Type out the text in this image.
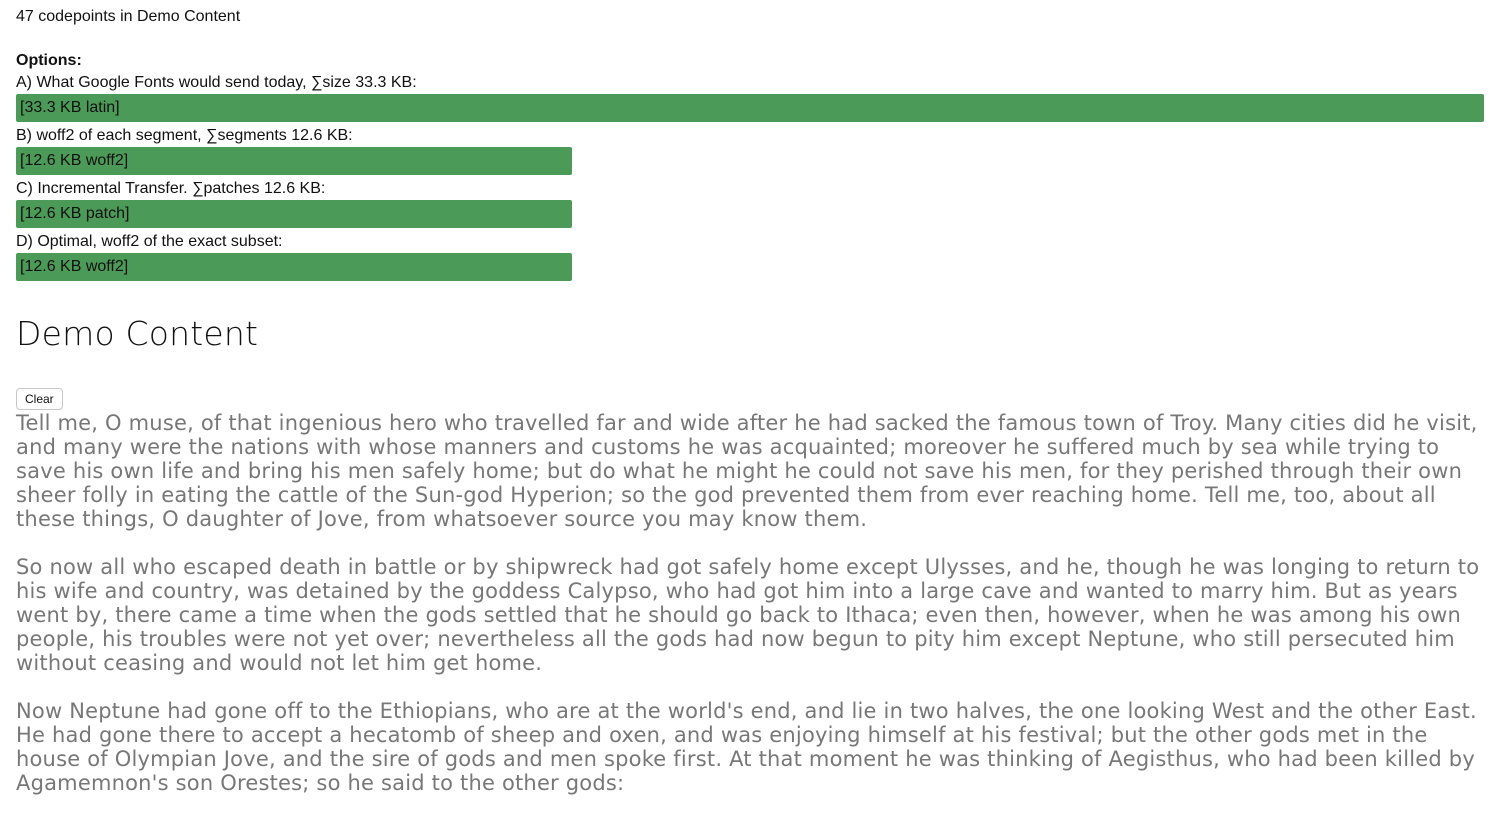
47 codepoints in Demo Content
Options:
A) What Google Fonts would send today, ∑size 33.3 KB:
[33.3 KB latin]
B) woff2 of each segment, ∑segments 12.6 KB:
[12.6 KB woff2]
C) Incremental Transfer. ∑patches 12.6 KB:
[12.6 KB patch]
D) Optimal, woff2 of the exact subset:
[12.6 KB woff2]
Demo Content
Clear

Tell me, O muse, of that ingenious hero who travelled far and wide after he had sacked the famous town of Troy. Many cities did he visit, and many were the nations with whose manners and customs he was acquainted; moreover he suffered much by sea while trying to save his own life and bring his men safely home; but do what he might he could not save his men, for they perished through their own sheer folly in eating the cattle of the Sun-god Hyperion; so the god prevented them from ever reaching home. Tell me, too, about all these things, O daughter of Jove, from whatsoever source you may know them.

So now all who escaped death in battle or by shipwreck had got safely home except Ulysses, and he, though he was longing to return to his wife and country, was detained by the goddess Calypso, who had got him into a large cave and wanted to marry him. But as years went by, there came a time when the gods settled that he should go back to Ithaca; even then, however, when he was among his own people, his troubles were not yet over; nevertheless all the gods had now begun to pity him except Neptune, who still persecuted him without ceasing and would not let him get home.

Now Neptune had gone off to the Ethiopians, who are at the world's end, and lie in two halves, the one looking West and the other East. He had gone there to accept a hecatomb of sheep and oxen, and was enjoying himself at his festival; but the other gods met in the house of Olympian Jove, and the sire of gods and men spoke first. At that moment he was thinking of Aegisthus, who had been killed by Agamemnon's son Orestes; so he said to the other gods:
